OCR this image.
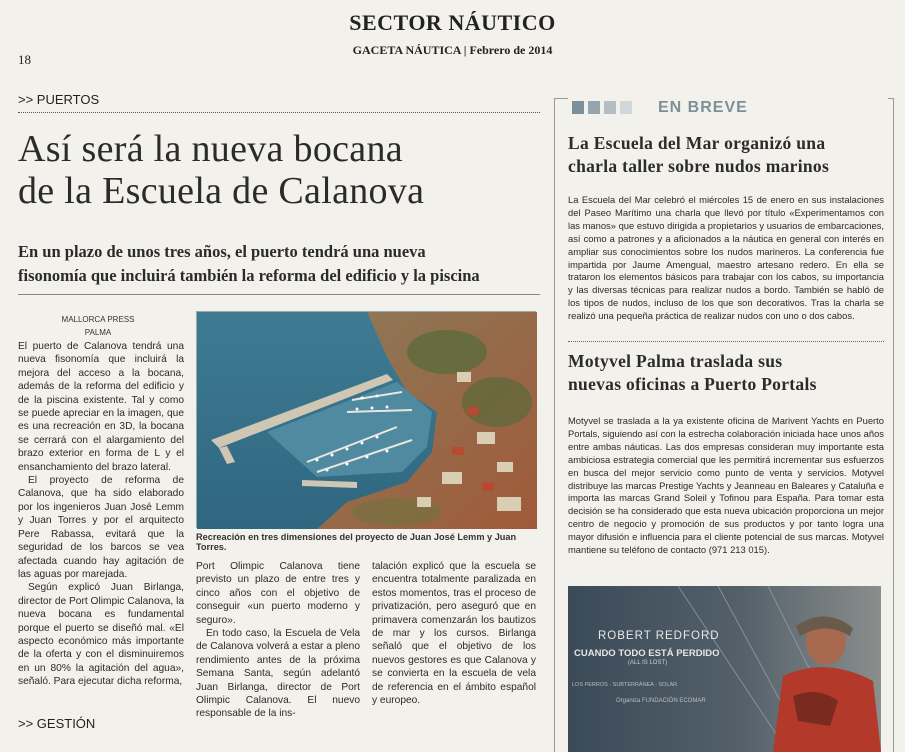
SECTOR NÁUTICO
GACETA NÁUTICA | Febrero de 2014
18
>> PUERTOS
Así será la nueva bocana
de la Escuela de Calanova
En un plazo de unos tres años, el puerto tendrá una nueva
fisonomía que incluirá también la reforma del edificio y la piscina
MALLORCA PRESS
PALMA

El puerto de Calanova tendrá una nueva fisonomía que incluirá la mejora del acceso a la bocana, además de la reforma del edificio y de la piscina existente. Tal y como se puede apreciar en la imagen, que es una recreación en 3D, la bocana se cerrará con el alargamiento del brazo exterior en forma de L y el ensanchamiento del brazo lateral.

El proyecto de reforma de Calanova, que ha sido elaborado por los ingenieros Juan José Lemm y Juan Torres y por el arquitecto Pere Rabassa, evitará que la seguridad de los barcos se vea afectada cuando hay agitación de las aguas por marejada.

Según explicó Juan Birlanga, director de Port Olimpic Calanova, la nueva bocana es fundamental porque el puerto se diseñó mal. «El aspecto económico más importante de la oferta y con el disminuiremos en un 80% la agitación del agua», señaló. Para ejecutar dicha reforma,

Recreación en tres dimensiones del proyecto de Juan José Lemm y Juan Torres.

Port Olimpic Calanova tiene previsto un plazo de entre tres y cinco años con el objetivo de conseguir «un puerto moderno y seguro».

En todo caso, la Escuela de Vela de Calanova volverá a estar a pleno rendimiento antes de la próxima Semana Santa, según adelantó Juan Birlanga, director de Port Olimpic Calanova. El nuevo responsable de la ins-

talación explicó que la escuela se encuentra totalmente paralizada en estos momentos, tras el proceso de privatización, pero aseguró que en primavera comenzarán los bautizos de mar y los cursos. Birlanga señaló que el objetivo de los nuevos gestores es que Calanova y se convierta en la escuela de vela de referencia en el ámbito español y europeo.

>> GESTIÓN
EN BREVE
La Escuela del Mar organizó una
charla taller sobre nudos marinos
La Escuela del Mar celebró el miércoles 15 de enero en sus instalaciones del Paseo Marítimo una charla que llevó por título «Experimentamos con las manos» que estuvo dirigida a propietarios y usuarios de embarcaciones, así como a patrones y a aficionados a la náutica en general con interés en ampliar sus conocimientos sobre los nudos marineros. La conferencia fue impartida por Jaume Amengual, maestro artesano redero. En ella se trataron los elementos básicos para trabajar con los cabos, su importancia y las diversas técnicas para realizar nudos a bordo. También se habló de los tipos de nudos, incluso de los que son decorativos. Tras la charla se realizó una pequeña práctica de realizar nudos con uno o dos cabos.
Motyvel Palma traslada sus
nuevas oficinas a Puerto Portals
Motyvel se traslada a la ya existente oficina de Marivent Yachts en Puerto Portals, siguiendo así con la estrecha colaboración iniciada hace unos años entre ambas náuticas. Las dos empresas consideran muy importante esta ambiciosa estrategia comercial que les permitirá incrementar sus esfuerzos en busca del mejor servicio como punto de venta y servicios. Motyvel distribuye las marcas Prestige Yachts y Jeanneau en Baleares y Cataluña e importa las marcas Grand Soleil y Tofinou para España. Para tomar esta decisión se ha considerado que esta nueva ubicación proporciona un mejor centro de negocio y promoción de sus productos y por tanto logra una mayor difusión e influencia para el cliente potencial de sus marcas. Motyvel mantiene su teléfono de contacto (971 213 015).
ROBERT REDFORD
CUANDO TODO ESTÁ PERDIDO
(ALL IS LOST)
LOS PERROS · SUBTERRÁNEA · SOLAR
Organiza FUNDACIÓN ECOMAR
